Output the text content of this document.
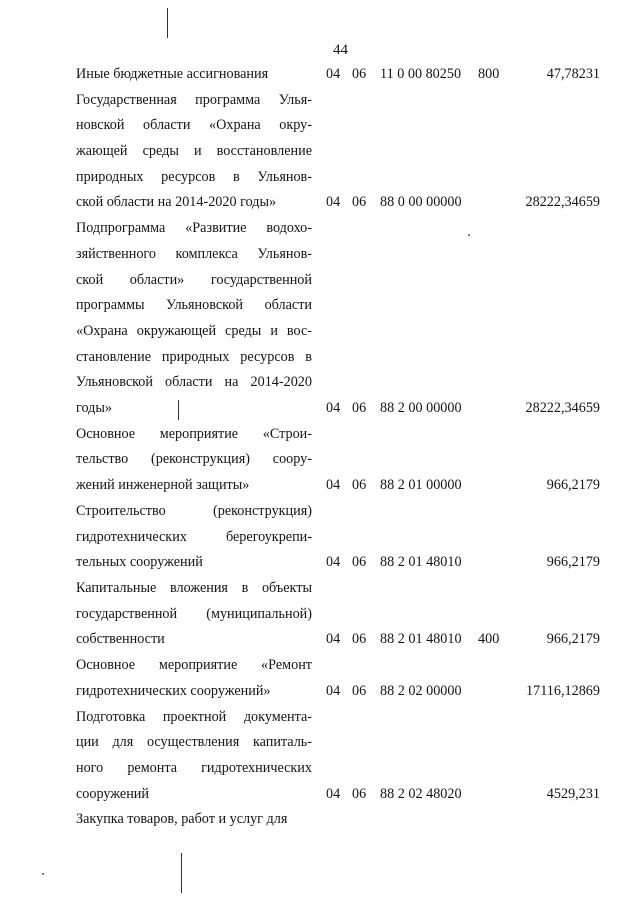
44
Иные бюджетные ассигнования	04 06 11 0 00 80250 800	47,78231
Государственная программа Улья-
новской области «Охрана окру-
жающей среды и восстановление
природных ресурсов в Ульянов-
ской области на 2014-2020 годы»	04 06 88 0 00 00000	28222,34659
Подпрограмма «Развитие водохо-
зяйственного комплекса Ульянов-
ской области» государственной
программы Ульяновской области
«Охрана окружающей среды и вос-
становление природных ресурсов в
Ульяновской области на 2014-2020
годы»	04 06 88 2 00 00000	28222,34659
Основное мероприятие «Строи-
тельство (реконструкция) соору-
жений инженерной защиты»	04 06 88 2 01 00000	966,2179
Строительство (реконструкция)
гидротехнических берегоукрепи-
тельных сооружений	04 06 88 2 01 48010	966,2179
Капитальные вложения в объекты
государственной (муниципальной)
собственности	04 06 88 2 01 48010 400	966,2179
Основное мероприятие «Ремонт
гидротехнических сооружений»	04 06 88 2 02 00000	17116,12869
Подготовка проектной документа-
ции для осуществления капиталь-
ного ремонта гидротехнических
сооружений	04 06 88 2 02 48020	4529,231
Закупка товаров, работ и услуг для
